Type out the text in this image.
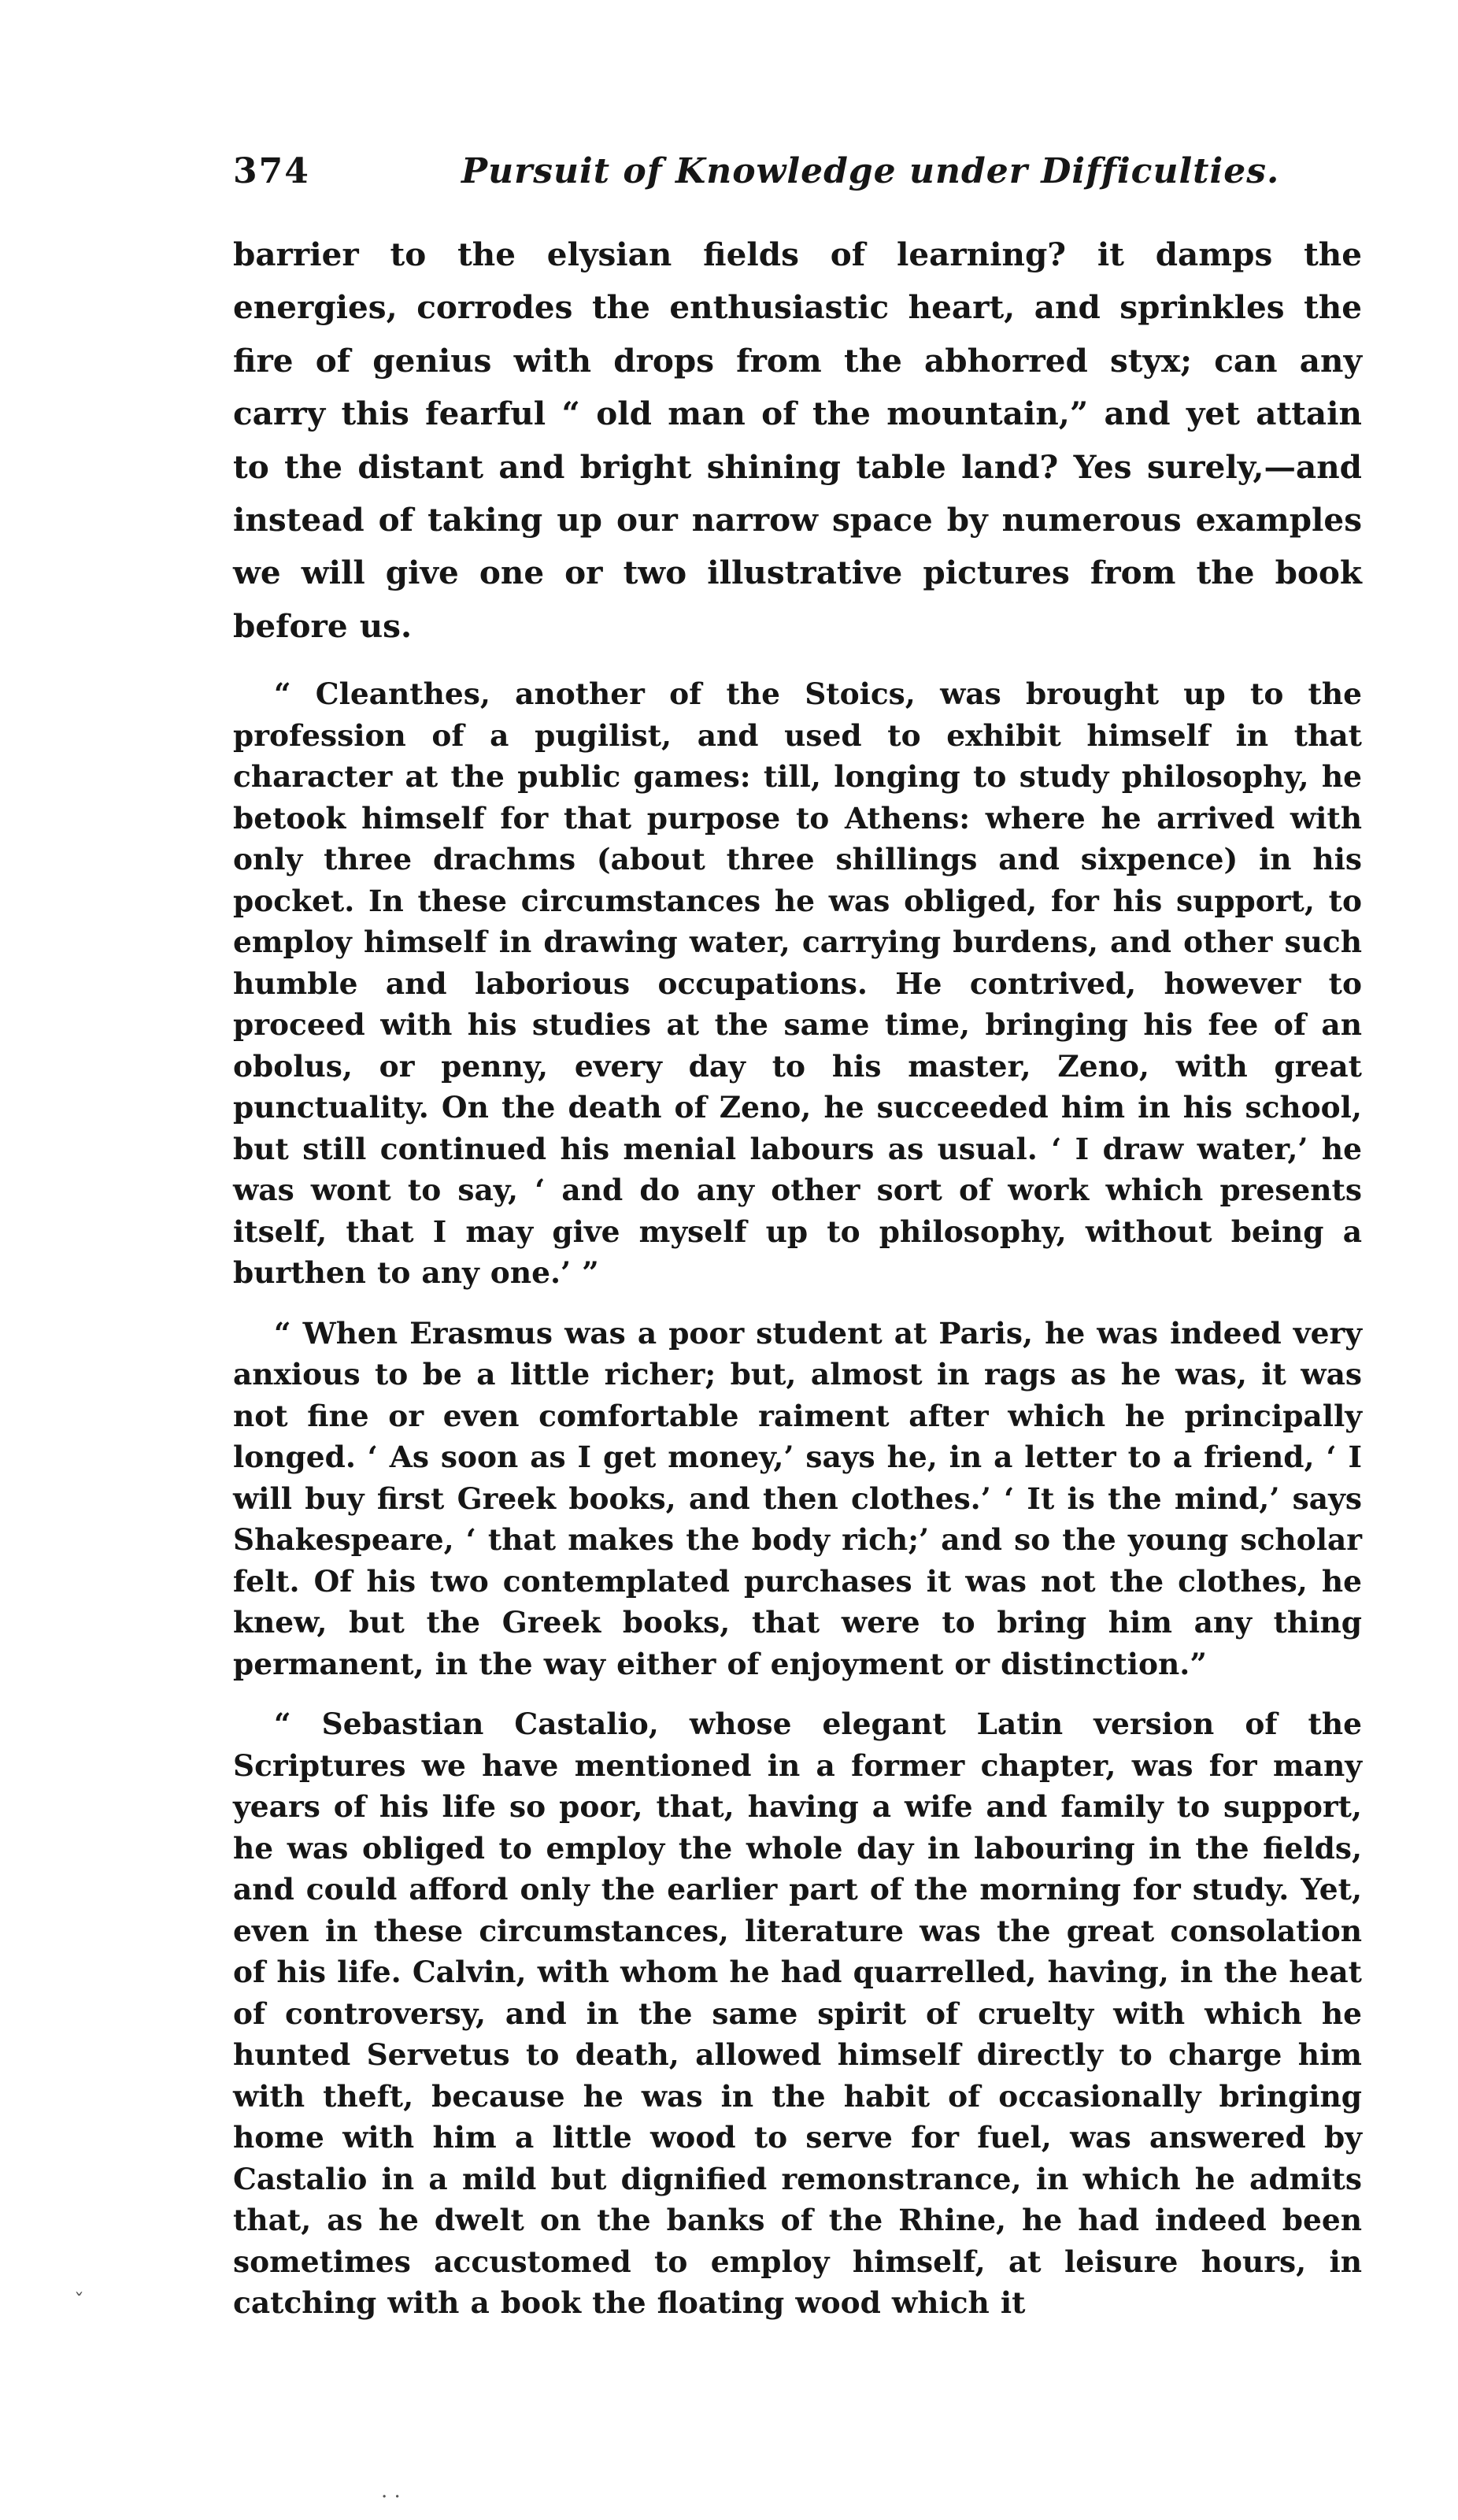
374	Pursuit of Knowledge under Difficulties.

barrier to the elysian fields of learning? it damps the energies, corrodes the enthusiastic heart, and sprinkles the fire of genius with drops from the abhorred styx; can any carry this fearful “ old man of the mountain,” and yet attain to the distant and bright shining table land? Yes surely,—and instead of taking up our narrow space by numerous examples we will give one or two illustrative pictures from the book before us.

“ Cleanthes, another of the Stoics, was brought up to the profession of a pugilist, and used to exhibit himself in that character at the public games: till, longing to study philosophy, he betook himself for that purpose to Athens: where he arrived with only three drachms (about three shillings and sixpence) in his pocket. In these circumstances he was obliged, for his support, to employ himself in drawing water, carrying burdens, and other such humble and laborious occupations. He contrived, however to proceed with his studies at the same time, bringing his fee of an obolus, or penny, every day to his master, Zeno, with great punctuality. On the death of Zeno, he succeeded him in his school, but still continued his menial labours as usual. ‘ I draw water,’ he was wont to say, ‘ and do any other sort of work which presents itself, that I may give myself up to philosophy, without being a burthen to any one.’ ”

“ When Erasmus was a poor student at Paris, he was indeed very anxious to be a little richer; but, almost in rags as he was, it was not fine or even comfortable raiment after which he principally longed. ‘ As soon as I get money,’ says he, in a letter to a friend, ‘ I will buy first Greek books, and then clothes.’ ‘ It is the mind,’ says Shakespeare, ‘ that makes the body rich;’ and so the young scholar felt. Of his two contemplated purchases it was not the clothes, he knew, but the Greek books, that were to bring him any thing permanent, in the way either of enjoyment or distinction.”

“ Sebastian Castalio, whose elegant Latin version of the Scriptures we have mentioned in a former chapter, was for many years of his life so poor, that, having a wife and family to support, he was obliged to employ the whole day in labouring in the fields, and could afford only the earlier part of the morning for study. Yet, even in these circumstances, literature was the great consolation of his life. Calvin, with whom he had quarrelled, having, in the heat of controversy, and in the same spirit of cruelty with which he hunted Servetus to death, allowed himself directly to charge him with theft, because he was in the habit of occasionally bringing home with him a little wood to serve for fuel, was answered by Castalio in a mild but dignified remonstrance, in which he admits that, as he dwelt on the banks of the Rhine, he had indeed been sometimes accustomed to employ himself, at leisure hours, in catching with a book the floating wood which it

ˇ
. .
